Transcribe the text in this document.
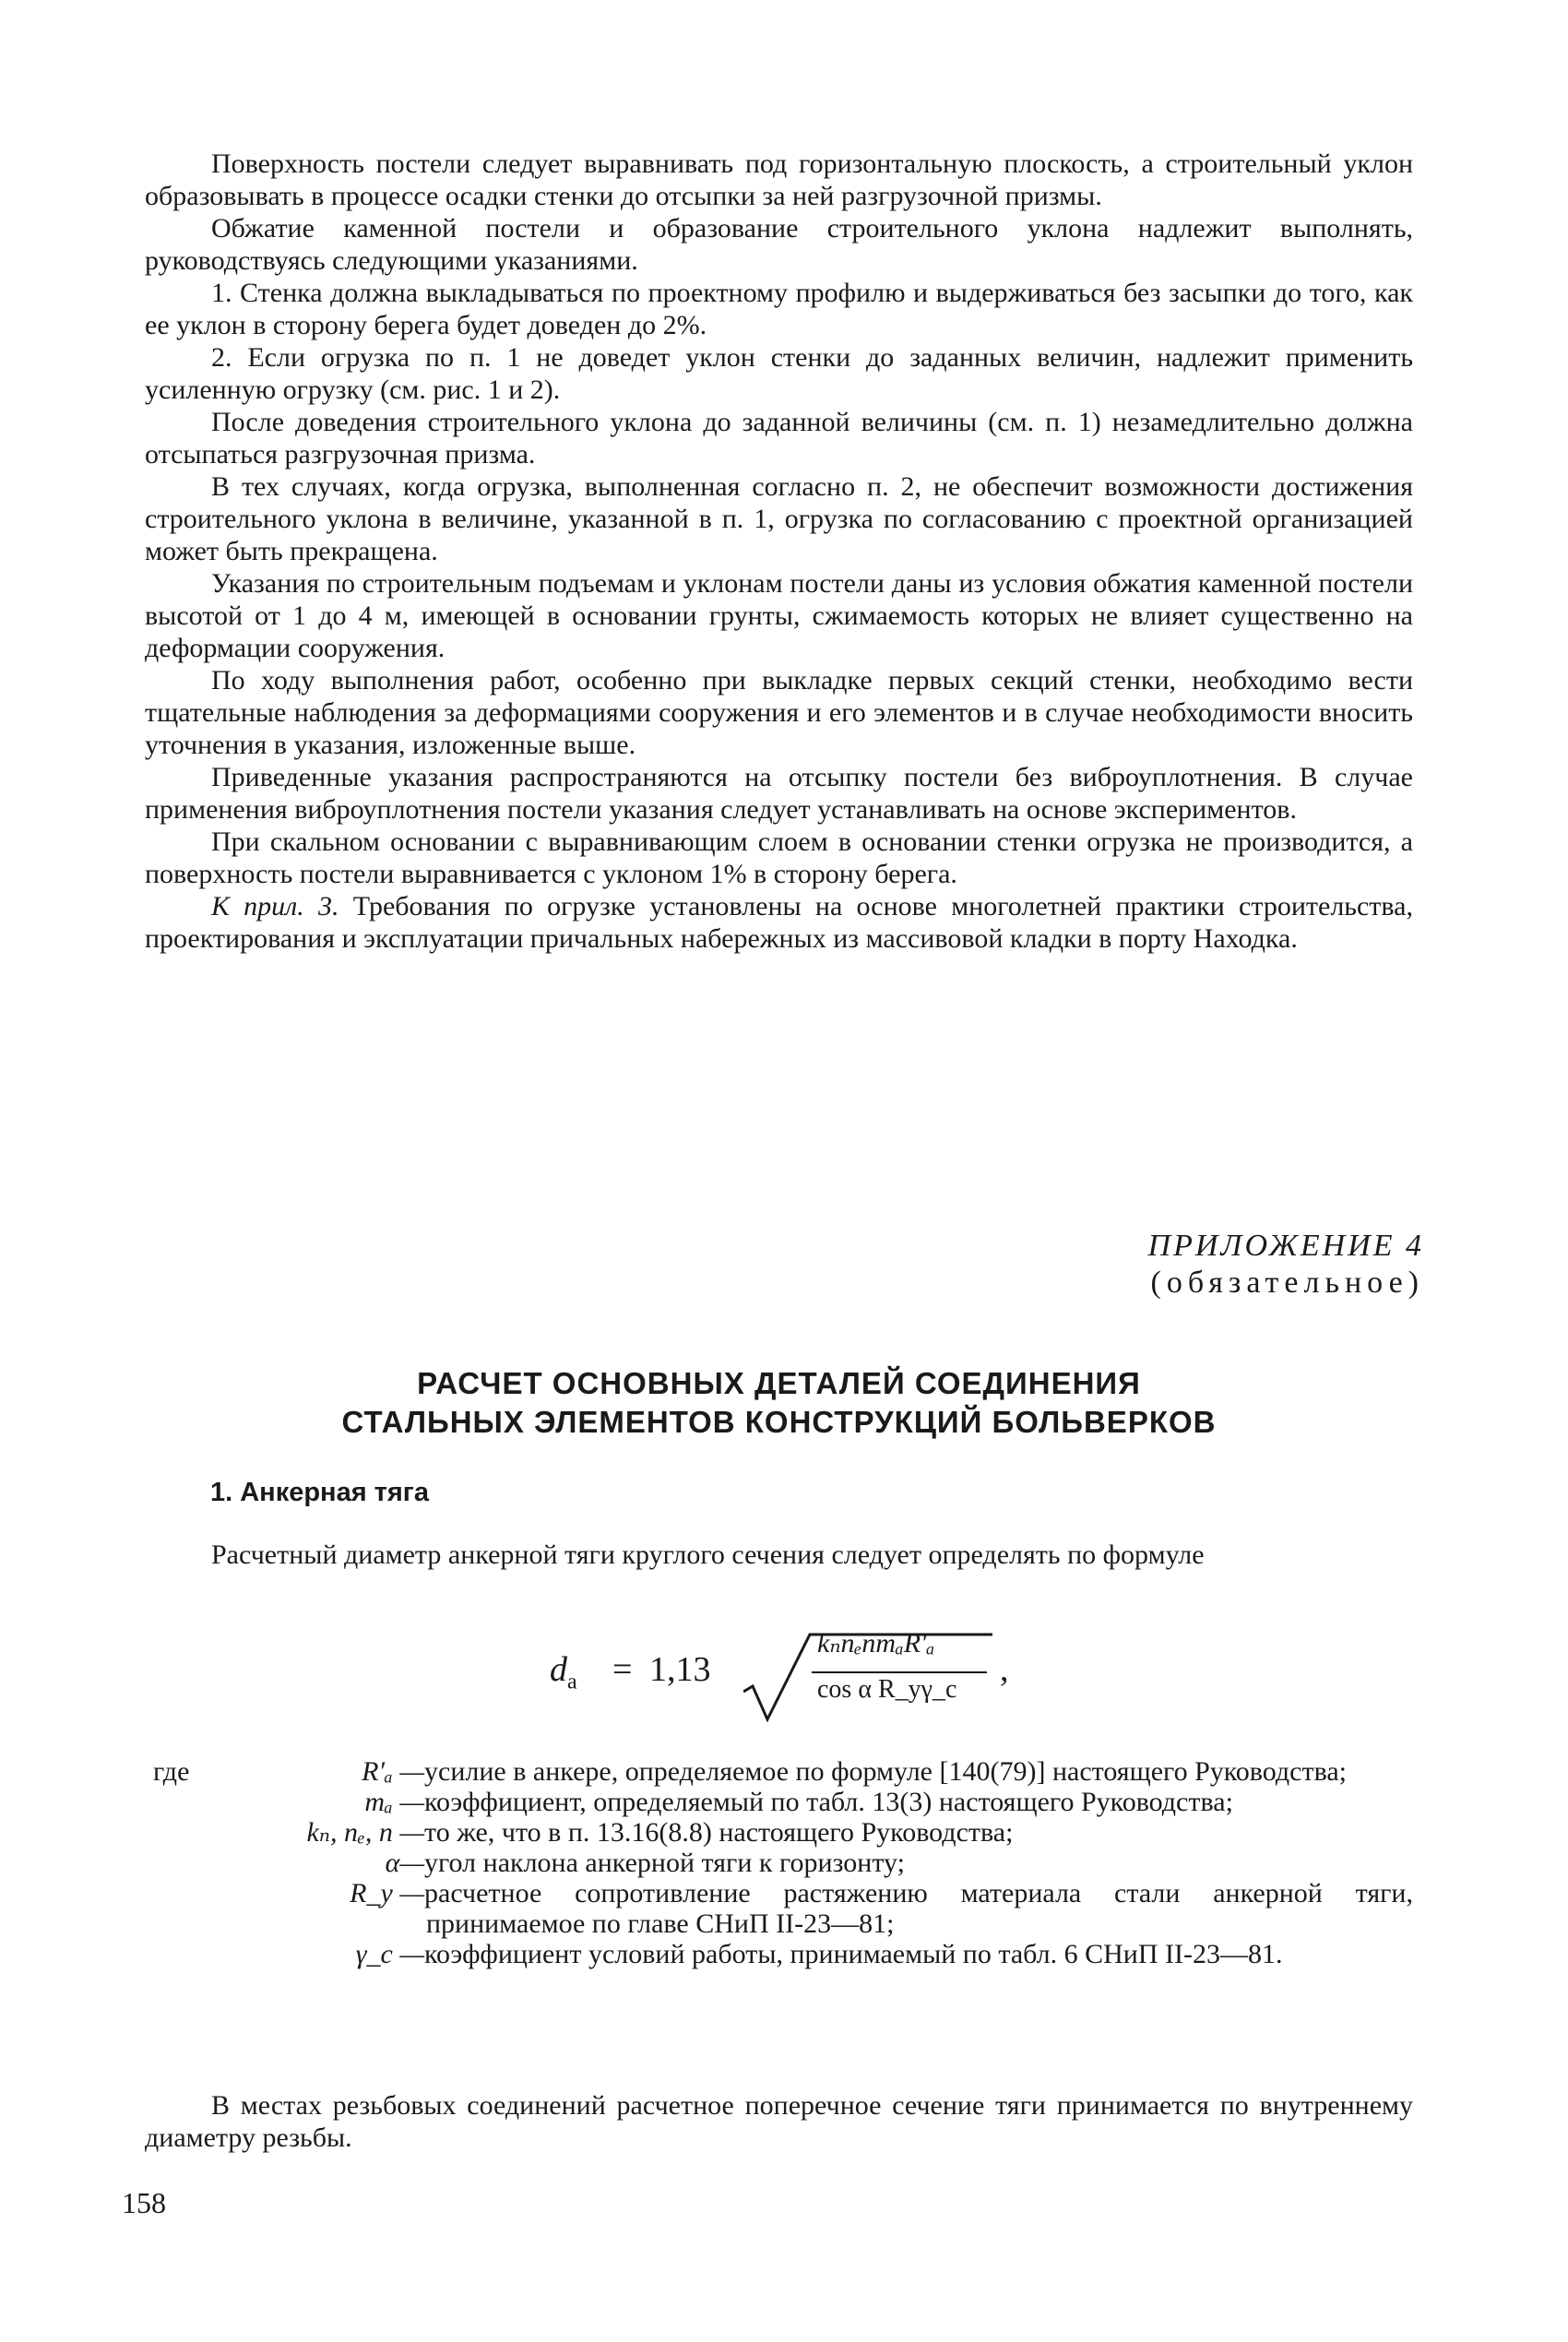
Поверхность постели следует выравнивать под горизонтальную плоскость, а строительный уклон образовывать в процессе осадки стенки до отсыпки за ней разгрузочной призмы.

Обжатие каменной постели и образование строительного уклона надлежит выполнять, руководствуясь следующими указаниями.

1. Стенка должна выкладываться по проектному профилю и выдерживаться без засыпки до того, как ее уклон в сторону берега будет доведен до 2%.

2. Если огрузка по п. 1 не доведет уклон стенки до заданных величин, надлежит применить усиленную огрузку (см. рис. 1 и 2).

После доведения строительного уклона до заданной величины (см. п. 1) незамедлительно должна отсыпаться разгрузочная призма.

В тех случаях, когда огрузка, выполненная согласно п. 2, не обеспечит возможности достижения строительного уклона в величине, указанной в п. 1, огрузка по согласованию с проектной организацией может быть прекращена.

Указания по строительным подъемам и уклонам постели даны из условия обжатия каменной постели высотой от 1 до 4 м, имеющей в основании грунты, сжимаемость которых не влияет существенно на деформации сооружения.

По ходу выполнения работ, особенно при выкладке первых секций стенки, необходимо вести тщательные наблюдения за деформациями сооружения и его элементов и в случае необходимости вносить уточнения в указания, изложенные выше.

Приведенные указания распространяются на отсыпку постели без виброуплотнения. В случае применения виброуплотнения постели указания следует устанавливать на основе экспериментов.

При скальном основании с выравнивающим слоем в основании стенки огрузка не производится, а поверхность постели выравнивается с уклоном 1% в сторону берега.

К прил. 3. Требования по огрузке установлены на основе многолетней практики строительства, проектирования и эксплуатации причальных набережных из массивовой кладки в порту Находка.

ПРИЛОЖЕНИЕ 4
(обязательное)
РАСЧЕТ ОСНОВНЫХ ДЕТАЛЕЙ СОЕДИНЕНИЯ
СТАЛЬНЫХ ЭЛЕМЕНТОВ КОНСТРУКЦИЙ БОЛЬВЕРКОВ
1. Анкерная тяга

Расчетный диаметр анкерной тяги круглого сечения следует определять по формуле

$d_а = 1,13$
kₙnₑnmₐR′ₐ
cos α R_yγ_c
,
где	R′ₐ — усилие в анкере, определяемое по формуле [140(79)] настоящего Руководства;
mₐ — коэффициент, определяемый по табл. 13(3) настоящего Руководства;
kₙ, nₑ, n — то же, что в п. 13.16(8.8) настоящего Руководства;
α— угол наклона анкерной тяги к горизонту;
R_y — расчетное сопротивление растяжению материала стали анкерной тяги, принимаемое по главе СНиП II-23—81;
γ_c — коэффициент условий работы, принимаемый по табл. 6 СНиП II-23—81.

В местах резьбовых соединений расчетное поперечное сечение тяги принимается по внутреннему диаметру резьбы.

158
